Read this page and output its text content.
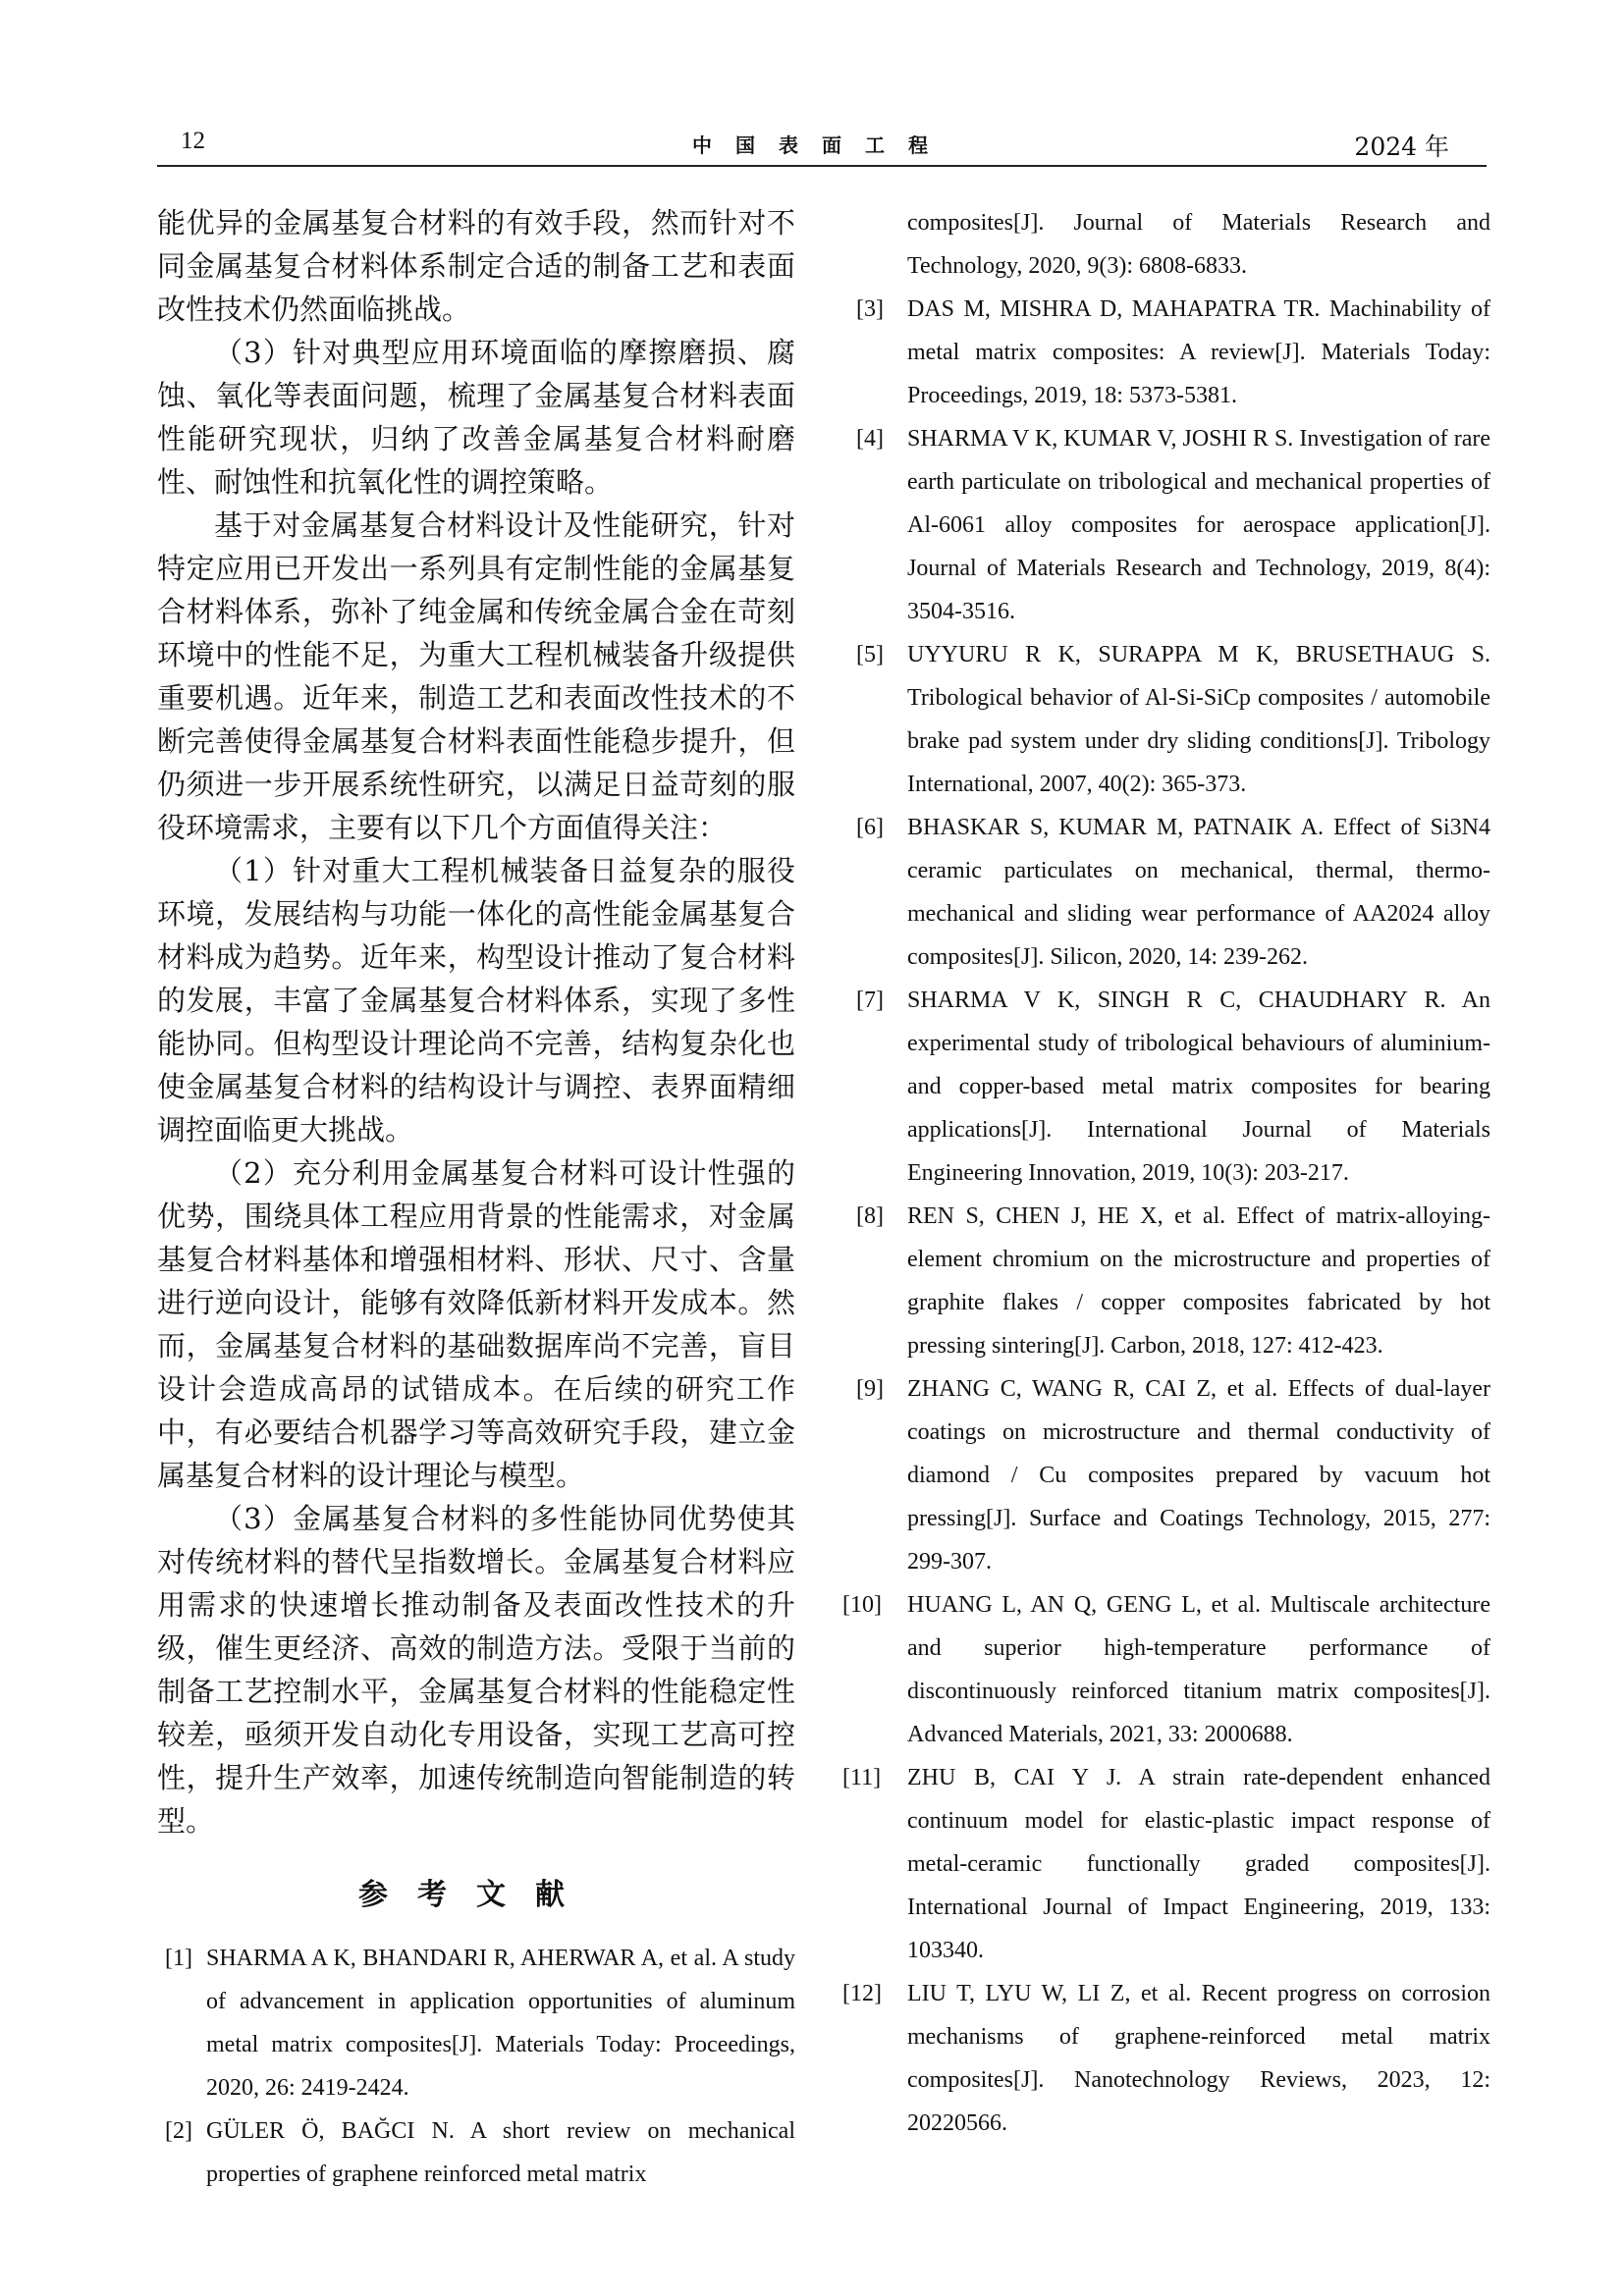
12	中国表面工程	2024 年

能优异的金属基复合材料的有效手段，然而针对不同金属基复合材料体系制定合适的制备工艺和表面改性技术仍然面临挑战。

（3）针对典型应用环境面临的摩擦磨损、腐蚀、氧化等表面问题，梳理了金属基复合材料表面性能研究现状，归纳了改善金属基复合材料耐磨性、耐蚀性和抗氧化性的调控策略。

基于对金属基复合材料设计及性能研究，针对特定应用已开发出一系列具有定制性能的金属基复合材料体系，弥补了纯金属和传统金属合金在苛刻环境中的性能不足，为重大工程机械装备升级提供重要机遇。近年来，制造工艺和表面改性技术的不断完善使得金属基复合材料表面性能稳步提升，但仍须进一步开展系统性研究，以满足日益苛刻的服役环境需求，主要有以下几个方面值得关注：

（1）针对重大工程机械装备日益复杂的服役环境，发展结构与功能一体化的高性能金属基复合材料成为趋势。近年来，构型设计推动了复合材料的发展，丰富了金属基复合材料体系，实现了多性能协同。但构型设计理论尚不完善，结构复杂化也使金属基复合材料的结构设计与调控、表界面精细调控面临更大挑战。

（2）充分利用金属基复合材料可设计性强的优势，围绕具体工程应用背景的性能需求，对金属基复合材料基体和增强相材料、形状、尺寸、含量进行逆向设计，能够有效降低新材料开发成本。然而，金属基复合材料的基础数据库尚不完善，盲目设计会造成高昂的试错成本。在后续的研究工作中，有必要结合机器学习等高效研究手段，建立金属基复合材料的设计理论与模型。

（3）金属基复合材料的多性能协同优势使其对传统材料的替代呈指数增长。金属基复合材料应用需求的快速增长推动制备及表面改性技术的升级，催生更经济、高效的制造方法。受限于当前的制备工艺控制水平，金属基复合材料的性能稳定性较差，亟须开发自动化专用设备，实现工艺高可控性，提升生产效率，加速传统制造向智能制造的转型。

参考文献
[1] SHARMA A K, BHANDARI R, AHERWAR A, et al. A study of advancement in application opportunities of aluminum metal matrix composites[J]. Materials Today: Proceedings, 2020, 26: 2419-2424.
[2] GÜLER Ö, BAĞCI N. A short review on mechanical properties of graphene reinforced metal matrix
composites[J]. Journal of Materials Research and Technology, 2020, 9(3): 6808-6833.
[3] DAS M, MISHRA D, MAHAPATRA TR. Machinability of metal matrix composites: A review[J]. Materials Today: Proceedings, 2019, 18: 5373-5381.
[4] SHARMA V K, KUMAR V, JOSHI R S. Investigation of rare earth particulate on tribological and mechanical properties of Al-6061 alloy composites for aerospace application[J]. Journal of Materials Research and Technology, 2019, 8(4): 3504-3516.
[5] UYYURU R K, SURAPPA M K, BRUSETHAUG S. Tribological behavior of Al-Si-SiCp composites / automobile brake pad system under dry sliding conditions[J]. Tribology International, 2007, 40(2): 365-373.
[6] BHASKAR S, KUMAR M, PATNAIK A. Effect of Si3N4 ceramic particulates on mechanical, thermal, thermo-mechanical and sliding wear performance of AA2024 alloy composites[J]. Silicon, 2020, 14: 239-262.
[7] SHARMA V K, SINGH R C, CHAUDHARY R. An experimental study of tribological behaviours of aluminium-and copper-based metal matrix composites for bearing applications[J]. International Journal of Materials Engineering Innovation, 2019, 10(3): 203-217.
[8] REN S, CHEN J, HE X, et al. Effect of matrix-alloying-element chromium on the microstructure and properties of graphite flakes / copper composites fabricated by hot pressing sintering[J]. Carbon, 2018, 127: 412-423.
[9] ZHANG C, WANG R, CAI Z, et al. Effects of dual-layer coatings on microstructure and thermal conductivity of diamond / Cu composites prepared by vacuum hot pressing[J]. Surface and Coatings Technology, 2015, 277: 299-307.
[10] HUANG L, AN Q, GENG L, et al. Multiscale architecture and superior high-temperature performance of discontinuously reinforced titanium matrix composites[J]. Advanced Materials, 2021, 33: 2000688.
[11] ZHU B, CAI Y J. A strain rate-dependent enhanced continuum model for elastic-plastic impact response of metal-ceramic functionally graded composites[J]. International Journal of Impact Engineering, 2019, 133: 103340.
[12] LIU T, LYU W, LI Z, et al. Recent progress on corrosion mechanisms of graphene-reinforced metal matrix composites[J]. Nanotechnology Reviews, 2023, 12: 20220566.
